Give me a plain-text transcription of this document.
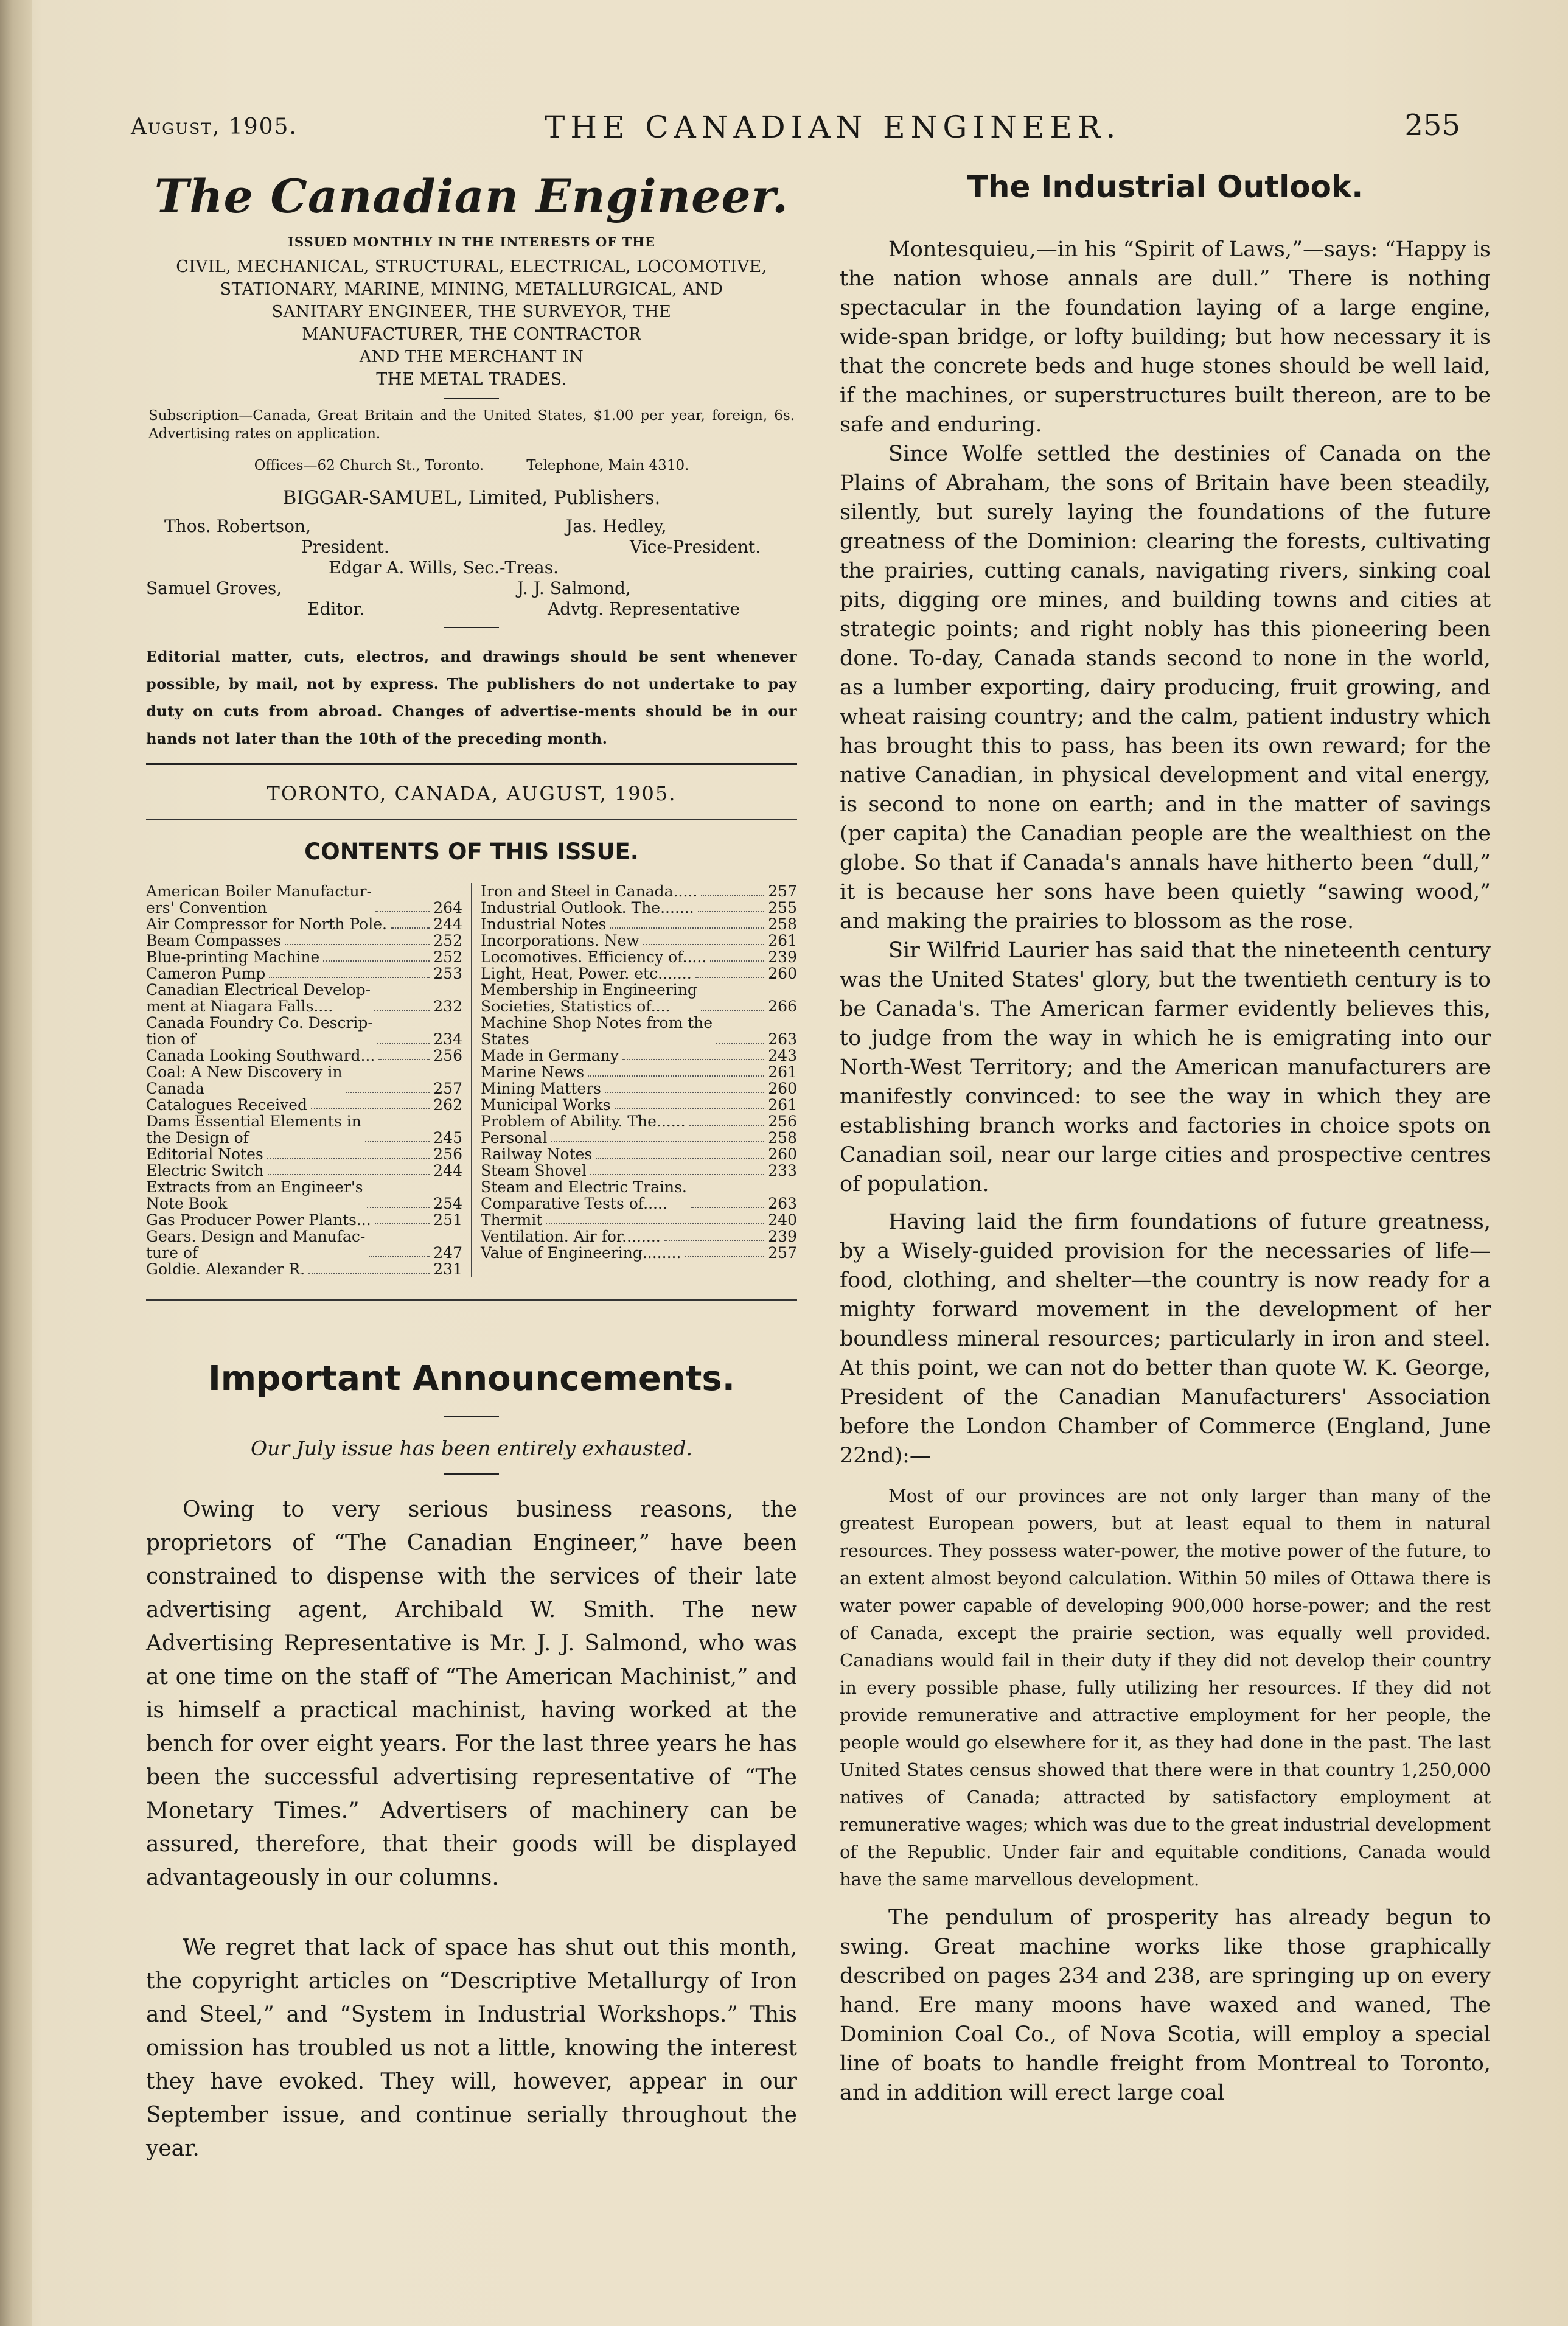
August, 1905.	THE CANADIAN ENGINEER.	255
The Canadian Engineer.
ISSUED MONTHLY IN THE INTERESTS OF THE
CIVIL, MECHANICAL, STRUCTURAL, ELECTRICAL, LOCOMOTIVE,
STATIONARY, MARINE, MINING, METALLURGICAL, AND
SANITARY ENGINEER, THE SURVEYOR, THE
MANUFACTURER, THE CONTRACTOR
AND THE MERCHANT IN
THE METAL TRADES.
Subscription—Canada, Great Britain and the United States, $1.00 per year, foreign, 6s. Advertising rates on application.
Offices—62 Church St., Toronto.	Telephone, Main 4310.
BIGGAR-SAMUEL, Limited, Publishers.
Thos. Robertson,
President.
Jas. Hedley,
Vice-President.
Edgar A. Wills, Sec.-Treas.
Samuel Groves,
Editor.
J. J. Salmond,
Advtg. Representative
Editorial matter, cuts, electros, and drawings should be sent whenever possible, by mail, not by express. The publishers do not undertake to pay duty on cuts from abroad. Changes of advertise-ments should be in our hands not later than the 10th of the preceding month.
TORONTO, CANADA, AUGUST, 1905.
CONTENTS OF THIS ISSUE.
American Boiler Manufactur-
ers' Convention	264
Air Compressor for North Pole.	244
Beam Compasses	252
Blue-printing Machine	252
Cameron Pump	253
Canadian Electrical Develop-
ment at Niagara Falls....	232
Canada Foundry Co. Descrip-
tion of	234
Canada Looking Southward...	256
Coal: A New Discovery in
Canada	257
Catalogues Received	262
Dams Essential Elements in
the Design of	245
Editorial Notes	256
Electric Switch	244
Extracts from an Engineer's
Note Book	254
Gas Producer Power Plants...	251
Gears. Design and Manufac-
ture of	247
Goldie. Alexander R.	231
Iron and Steel in Canada.....	257
Industrial Outlook. The.......	255
Industrial Notes	258
Incorporations. New	261
Locomotives. Efficiency of.....	239
Light, Heat, Power. etc.......	260
Membership in Engineering
Societies, Statistics of....	266
Machine Shop Notes from the
States	263
Made in Germany	243
Marine News	261
Mining Matters	260
Municipal Works	261
Problem of Ability. The......	256
Personal	258
Railway Notes	260
Steam Shovel	233
Steam and Electric Trains.
Comparative Tests of.....	263
Thermit	240
Ventilation. Air for........	239
Value of Engineering........	257
Important Announcements.
Our July issue has been entirely exhausted.
Owing to very serious business reasons, the proprietors of “The Canadian Engineer,” have been constrained to dispense with the services of their late advertising agent, Archibald W. Smith. The new Advertising Representative is Mr. J. J. Salmond, who was at one time on the staff of “The American Machinist,” and is himself a practical machinist, having worked at the bench for over eight years. For the last three years he has been the successful advertising representative of “The Monetary Times.” Advertisers of machinery can be assured, therefore, that their goods will be displayed advantageously in our columns.
We regret that lack of space has shut out this month, the copyright articles on “Descriptive Metallurgy of Iron and Steel,” and “System in Industrial Workshops.” This omission has troubled us not a little, knowing the interest they have evoked. They will, however, appear in our September issue, and continue serially throughout the year.
The Industrial Outlook.

Montesquieu,—in his “Spirit of Laws,”—says: “Happy is the nation whose annals are dull.” There is nothing spectacular in the foundation laying of a large engine, wide-span bridge, or lofty building; but how necessary it is that the concrete beds and huge stones should be well laid, if the machines, or superstructures built thereon, are to be safe and enduring.

Since Wolfe settled the destinies of Canada on the Plains of Abraham, the sons of Britain have been steadily, silently, but surely laying the foundations of the future greatness of the Dominion: clearing the forests, cultivating the prairies, cutting canals, navigating rivers, sinking coal pits, digging ore mines, and building towns and cities at strategic points; and right nobly has this pioneering been done. To-day, Canada stands second to none in the world, as a lumber exporting, dairy producing, fruit growing, and wheat raising country; and the calm, patient industry which has brought this to pass, has been its own reward; for the native Canadian, in physical development and vital energy, is second to none on earth; and in the matter of savings (per capita) the Canadian people are the wealthiest on the globe. So that if Canada's annals have hitherto been “dull,” it is because her sons have been quietly “sawing wood,” and making the prairies to blossom as the rose.

Sir Wilfrid Laurier has said that the nineteenth century was the United States' glory, but the twentieth century is to be Canada's. The American farmer evidently believes this, to judge from the way in which he is emigrating into our North-West Territory; and the American manufacturers are manifestly convinced: to see the way in which they are establishing branch works and factories in choice spots on Canadian soil, near our large cities and prospective centres of population.

Having laid the firm foundations of future greatness, by a Wisely-guided provision for the necessaries of life—food, clothing, and shelter—the country is now ready for a mighty forward movement in the development of her boundless mineral resources; particularly in iron and steel. At this point, we can not do better than quote W. K. George, President of the Canadian Manufacturers' Association before the London Chamber of Commerce (England, June 22nd):—

Most of our provinces are not only larger than many of the greatest European powers, but at least equal to them in natural resources. They possess water-power, the motive power of the future, to an extent almost beyond calculation. Within 50 miles of Ottawa there is water power capable of developing 900,000 horse-power; and the rest of Canada, except the prairie section, was equally well provided. Canadians would fail in their duty if they did not develop their country in every possible phase, fully utilizing her resources. If they did not provide remunerative and attractive employment for her people, the people would go elsewhere for it, as they had done in the past. The last United States census showed that there were in that country 1,250,000 natives of Canada; attracted by satisfactory employment at remunerative wages; which was due to the great industrial development of the Republic. Under fair and equitable conditions, Canada would have the same marvellous development.

The pendulum of prosperity has already begun to swing. Great machine works like those graphically described on pages 234 and 238, are springing up on every hand. Ere many moons have waxed and waned, The Dominion Coal Co., of Nova Scotia, will employ a special line of boats to handle freight from Montreal to Toronto, and in addition will erect large coal
